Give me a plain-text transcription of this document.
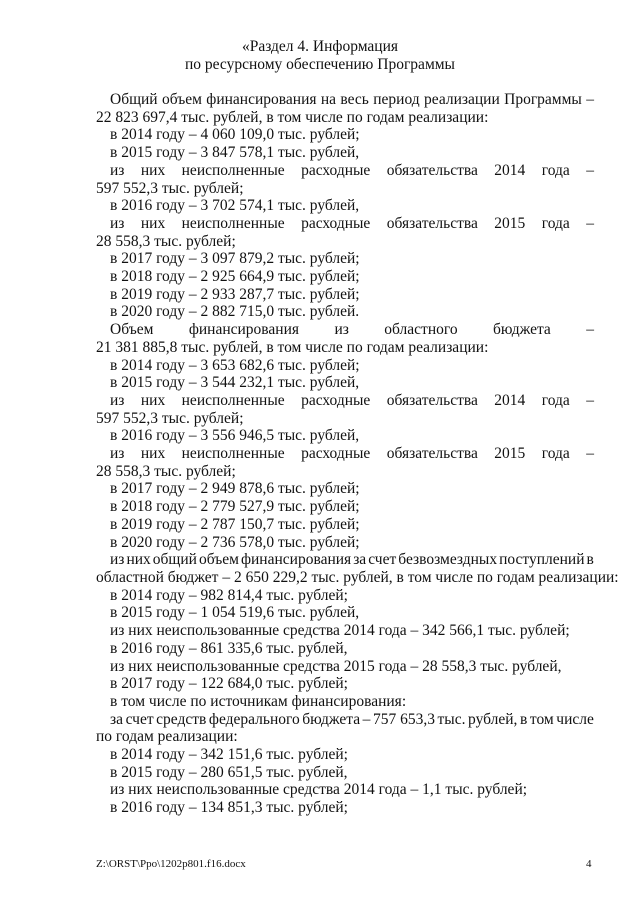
«Раздел 4. Информация
по ресурсному обеспечению Программы
Общий объем финансирования на весь период реализации Программы –
22 823 697,4 тыс. рублей, в том числе по годам реализации:
в 2014 году – 4 060 109,0 тыс. рублей;
в 2015 году – 3 847 578,1 тыс. рублей,
из них неисполненные расходные обязательства 2014 года –
597 552,3 тыс. рублей;
в 2016 году – 3 702 574,1 тыс. рублей,
из них неисполненные расходные обязательства 2015 года –
28 558,3 тыс. рублей;
в 2017 году – 3 097 879,2 тыс. рублей;
в 2018 году – 2 925 664,9 тыс. рублей;
в 2019 году – 2 933 287,7 тыс. рублей;
в 2020 году – 2 882 715,0 тыс. рублей.
Объем финансирования из областного бюджета –
21 381 885,8 тыс. рублей, в том числе по годам реализации:
в 2014 году – 3 653 682,6 тыс. рублей;
в 2015 году – 3 544 232,1 тыс. рублей,
из них неисполненные расходные обязательства 2014 года –
597 552,3 тыс. рублей;
в 2016 году – 3 556 946,5 тыс. рублей,
из них неисполненные расходные обязательства 2015 года –
28 558,3 тыс. рублей;
в 2017 году – 2 949 878,6 тыс. рублей;
в 2018 году – 2 779 527,9 тыс. рублей;
в 2019 году – 2 787 150,7 тыс. рублей;
в 2020 году – 2 736 578,0 тыс. рублей;
из них общий объем финансирования за счет безвозмездных поступлений в
областной бюджет – 2 650 229,2 тыс. рублей, в том числе по годам реализации:
в 2014 году – 982 814,4 тыс. рублей;
в 2015 году – 1 054 519,6 тыс. рублей,
из них неиспользованные средства 2014 года – 342 566,1 тыс. рублей;
в 2016 году – 861 335,6 тыс. рублей,
из них неиспользованные средства 2015 года – 28 558,3 тыс. рублей,
в 2017 году – 122 684,0 тыс. рублей;
в том числе по источникам финансирования:
за счет средств федерального бюджета – 757 653,3 тыс. рублей, в том числе
по годам реализации:
в 2014 году – 342 151,6 тыс. рублей;
в 2015 году – 280 651,5 тыс. рублей,
из них неиспользованные средства 2014 года – 1,1 тыс. рублей;
в 2016 году – 134 851,3 тыс. рублей;
Z:\ORST\Ppo\1202p801.f16.docx	4
